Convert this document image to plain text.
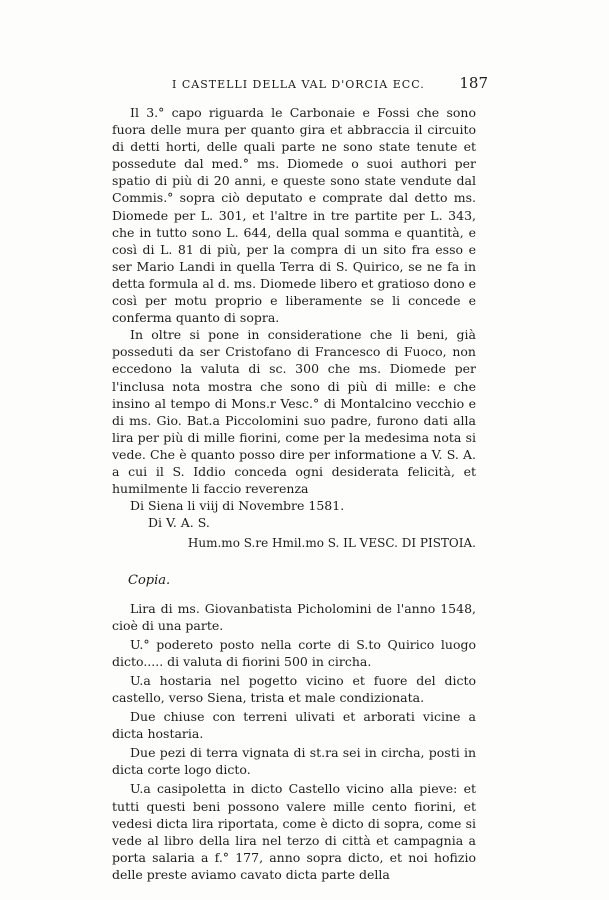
I CASTELLI DELLA VAL D'ORCIA ECC. 187

Il 3.° capo riguarda le Carbonaie e Fossi che sono fuora delle mura per quanto gira et abbraccia il circuito di detti horti, delle quali parte ne sono state tenute et possedute dal med.° ms. Diomede o suoi authori per spatio di più di 20 anni, e queste sono state vendute dal Commis.° sopra ciò deputato e comprate dal detto ms. Diomede per L. 301, et l'altre in tre partite per L. 343, che in tutto sono L. 644, della qual somma e quantità, e così di L. 81 di più, per la compra di un sito fra esso e ser Mario Landi in quella Terra di S. Quirico, se ne fa in detta formula al d. ms. Diomede libero et gratioso dono e così per motu proprio e liberamente se li concede e conferma quanto di sopra.

In oltre si pone in consideratione che li beni, già posseduti da ser Cristofano di Francesco di Fuoco, non eccedono la valuta di sc. 300 che ms. Diomede per l'inclusa nota mostra che sono di più di mille: e che insino al tempo di Mons.r Vesc.° di Montalcino vecchio e di ms. Gio. Bat.a Piccolomini suo padre, furono dati alla lira per più di mille fiorini, come per la medesima nota si vede. Che è quanto posso dire per informatione a V. S. A. a cui il S. Iddio conceda ogni desiderata felicità, et humilmente li faccio reverenza

Di Siena li viij di Novembre 1581.

Di V. A. S.

Hum.mo S.re Hmil.mo S. IL VESC. DI PISTOIA.

Copia.

Lira di ms. Giovanbatista Picholomini de l'anno 1548, cioè di una parte.

U.° podereto posto nella corte di S.to Quirico luogo dicto..... di valuta di fiorini 500 in circha.

U.a hostaria nel pogetto vicino et fuore del dicto castello, verso Siena, trista et male condizionata.

Due chiuse con terreni ulivati et arborati vicine a dicta hostaria.

Due pezi di terra vignata di st.ra sei in circha, posti in dicta corte logo dicto.

U.a casipoletta in dicto Castello vicino alla pieve: et tutti questi beni possono valere mille cento fiorini, et vedesi dicta lira riportata, come è dicto di sopra, come si vede al libro della lira nel terzo di città et campagnia a porta salaria a f.° 177, anno sopra dicto, et noi hofizio delle preste aviamo cavato dicta parte della
